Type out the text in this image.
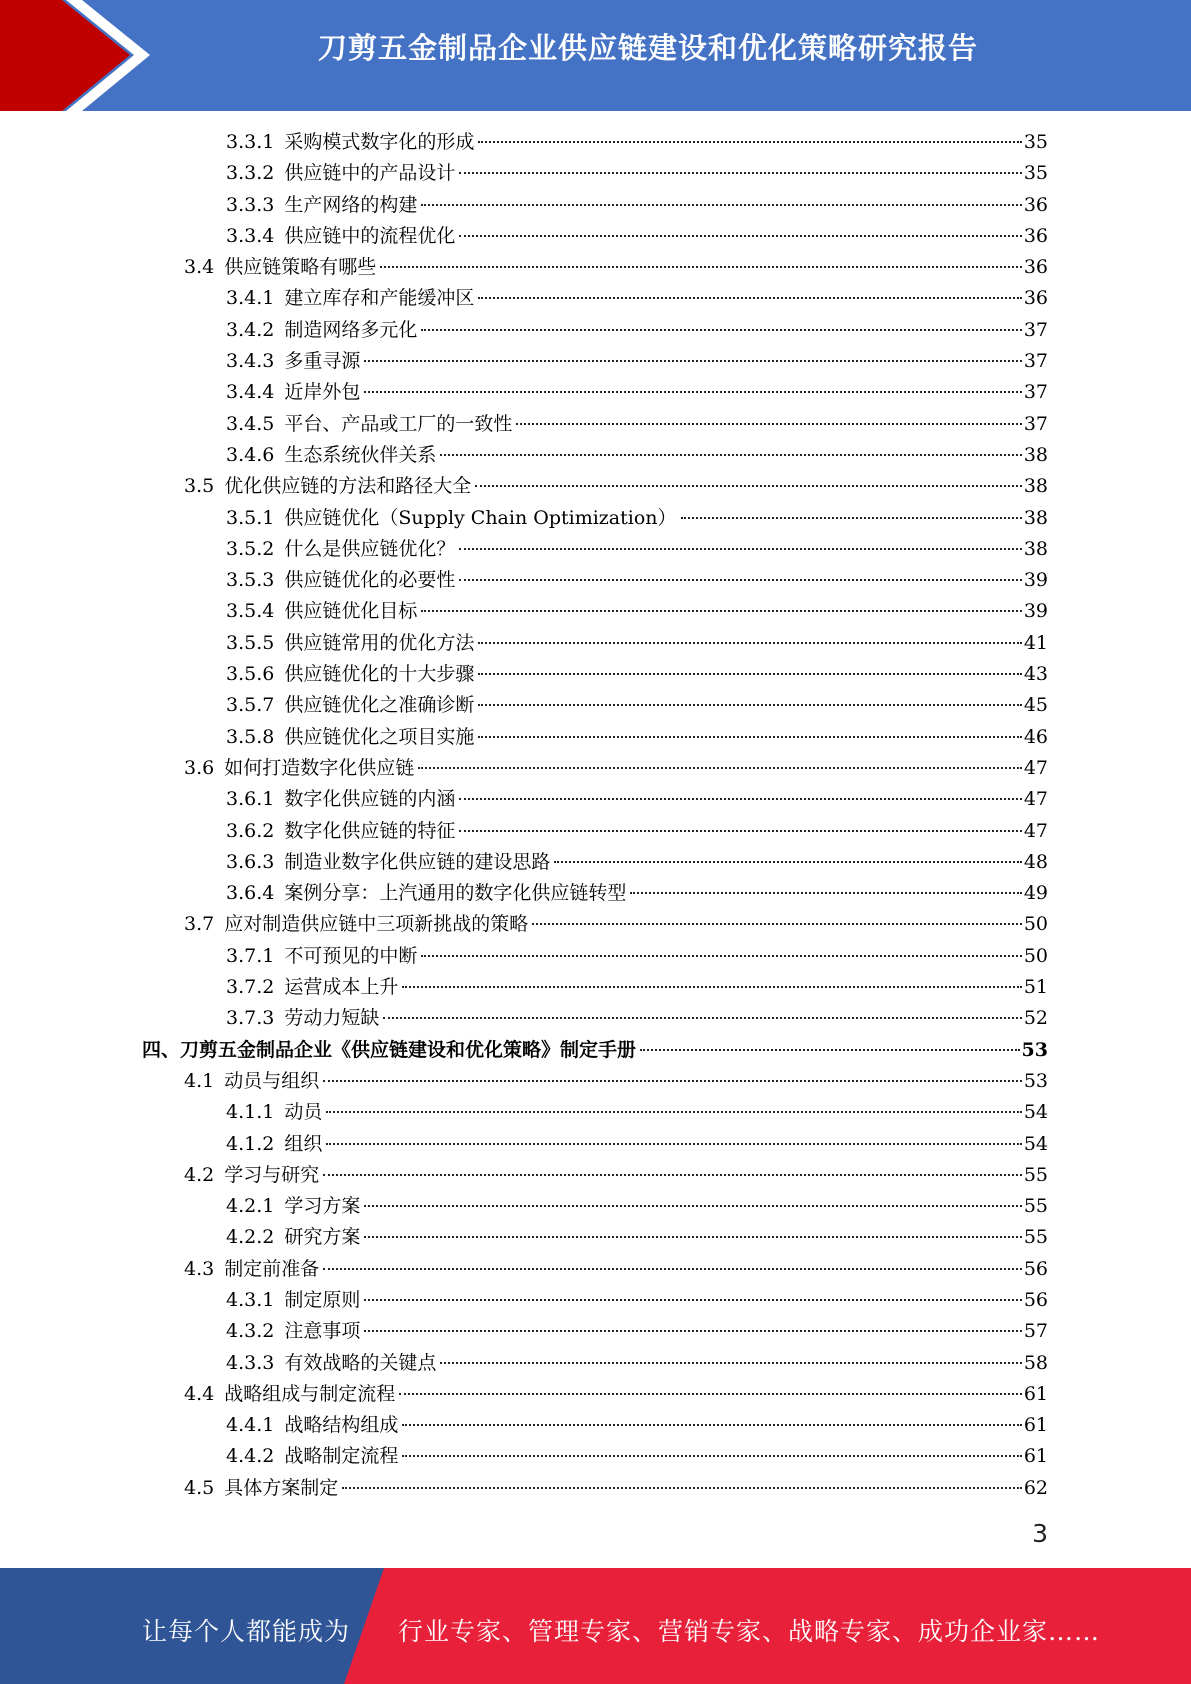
刀剪五金制品企业供应链建设和优化策略研究报告
3.3.1 采购模式数字化的形成	35
3.3.2 供应链中的产品设计	35
3.3.3 生产网络的构建	36
3.3.4 供应链中的流程优化	36
3.4 供应链策略有哪些	36
3.4.1 建立库存和产能缓冲区	36
3.4.2 制造网络多元化	37
3.4.3 多重寻源	37
3.4.4 近岸外包	37
3.4.5 平台、产品或工厂的一致性	37
3.4.6 生态系统伙伴关系	38
3.5 优化供应链的方法和路径大全	38
3.5.1 供应链优化（Supply Chain Optimization）	38
3.5.2 什么是供应链优化？	38
3.5.3 供应链优化的必要性	39
3.5.4 供应链优化目标	39
3.5.5 供应链常用的优化方法	41
3.5.6 供应链优化的十大步骤	43
3.5.7 供应链优化之准确诊断	45
3.5.8 供应链优化之项目实施	46
3.6 如何打造数字化供应链	47
3.6.1 数字化供应链的内涵	47
3.6.2 数字化供应链的特征	47
3.6.3 制造业数字化供应链的建设思路	48
3.6.4 案例分享：上汽通用的数字化供应链转型	49
3.7 应对制造供应链中三项新挑战的策略	50
3.7.1 不可预见的中断	50
3.7.2 运营成本上升	51
3.7.3 劳动力短缺	52
四、 刀剪五金制品企业《供应链建设和优化策略》制定手册	53
4.1 动员与组织	53
4.1.1 动员	54
4.1.2 组织	54
4.2 学习与研究	55
4.2.1 学习方案	55
4.2.2 研究方案	55
4.3 制定前准备	56
4.3.1 制定原则	56
4.3.2 注意事项	57
4.3.3 有效战略的关键点	58
4.4 战略组成与制定流程	61
4.4.1 战略结构组成	61
4.4.2 战略制定流程	61
4.5 具体方案制定	62
3
让每个人都能成为 行业专家、管理专家、营销专家、战略专家、成功企业家……
